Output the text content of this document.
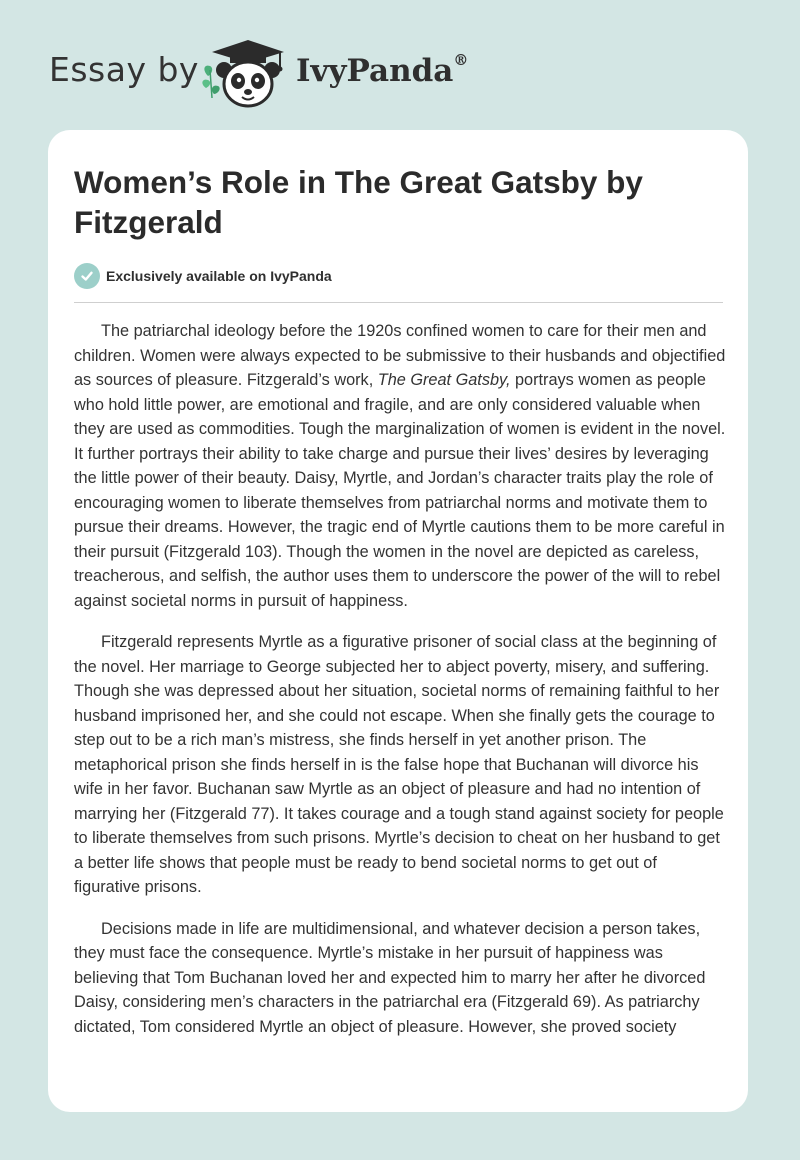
Essay by	IvyPanda®
Women’s Role in The Great Gatsby by Fitzgerald
Exclusively available on IvyPanda

The patriarchal ideology before the 1920s confined women to care for their men and children. Women were always expected to be submissive to their husbands and objectified as sources of pleasure. Fitzgerald’s work, The Great Gatsby, portrays women as people who hold little power, are emotional and fragile, and are only considered valuable when they are used as commodities. Tough the marginalization of women is evident in the novel. It further portrays their ability to take charge and pursue their lives’ desires by leveraging the little power of their beauty. Daisy, Myrtle, and Jordan’s character traits play the role of encouraging women to liberate themselves from patriarchal norms and motivate them to pursue their dreams. However, the tragic end of Myrtle cautions them to be more careful in their pursuit (Fitzgerald 103). Though the women in the novel are depicted as careless, treacherous, and selfish, the author uses them to underscore the power of the will to rebel against societal norms in pursuit of happiness.

Fitzgerald represents Myrtle as a figurative prisoner of social class at the beginning of the novel. Her marriage to George subjected her to abject poverty, misery, and suffering. Though she was depressed about her situation, societal norms of remaining faithful to her husband imprisoned her, and she could not escape. When she finally gets the courage to step out to be a rich man’s mistress, she finds herself in yet another prison. The metaphorical prison she finds herself in is the false hope that Buchanan will divorce his wife in her favor. Buchanan saw Myrtle as an object of pleasure and had no intention of marrying her (Fitzgerald 77). It takes courage and a tough stand against society for people to liberate themselves from such prisons. Myrtle’s decision to cheat on her husband to get a better life shows that people must be ready to bend societal norms to get out of figurative prisons.

Decisions made in life are multidimensional, and whatever decision a person takes, they must face the consequence. Myrtle’s mistake in her pursuit of happiness was believing that Tom Buchanan loved her and expected him to marry her after he divorced Daisy, considering men’s characters in the patriarchal era (Fitzgerald 69). As patriarchy dictated, Tom considered Myrtle an object of pleasure. However, she proved society
